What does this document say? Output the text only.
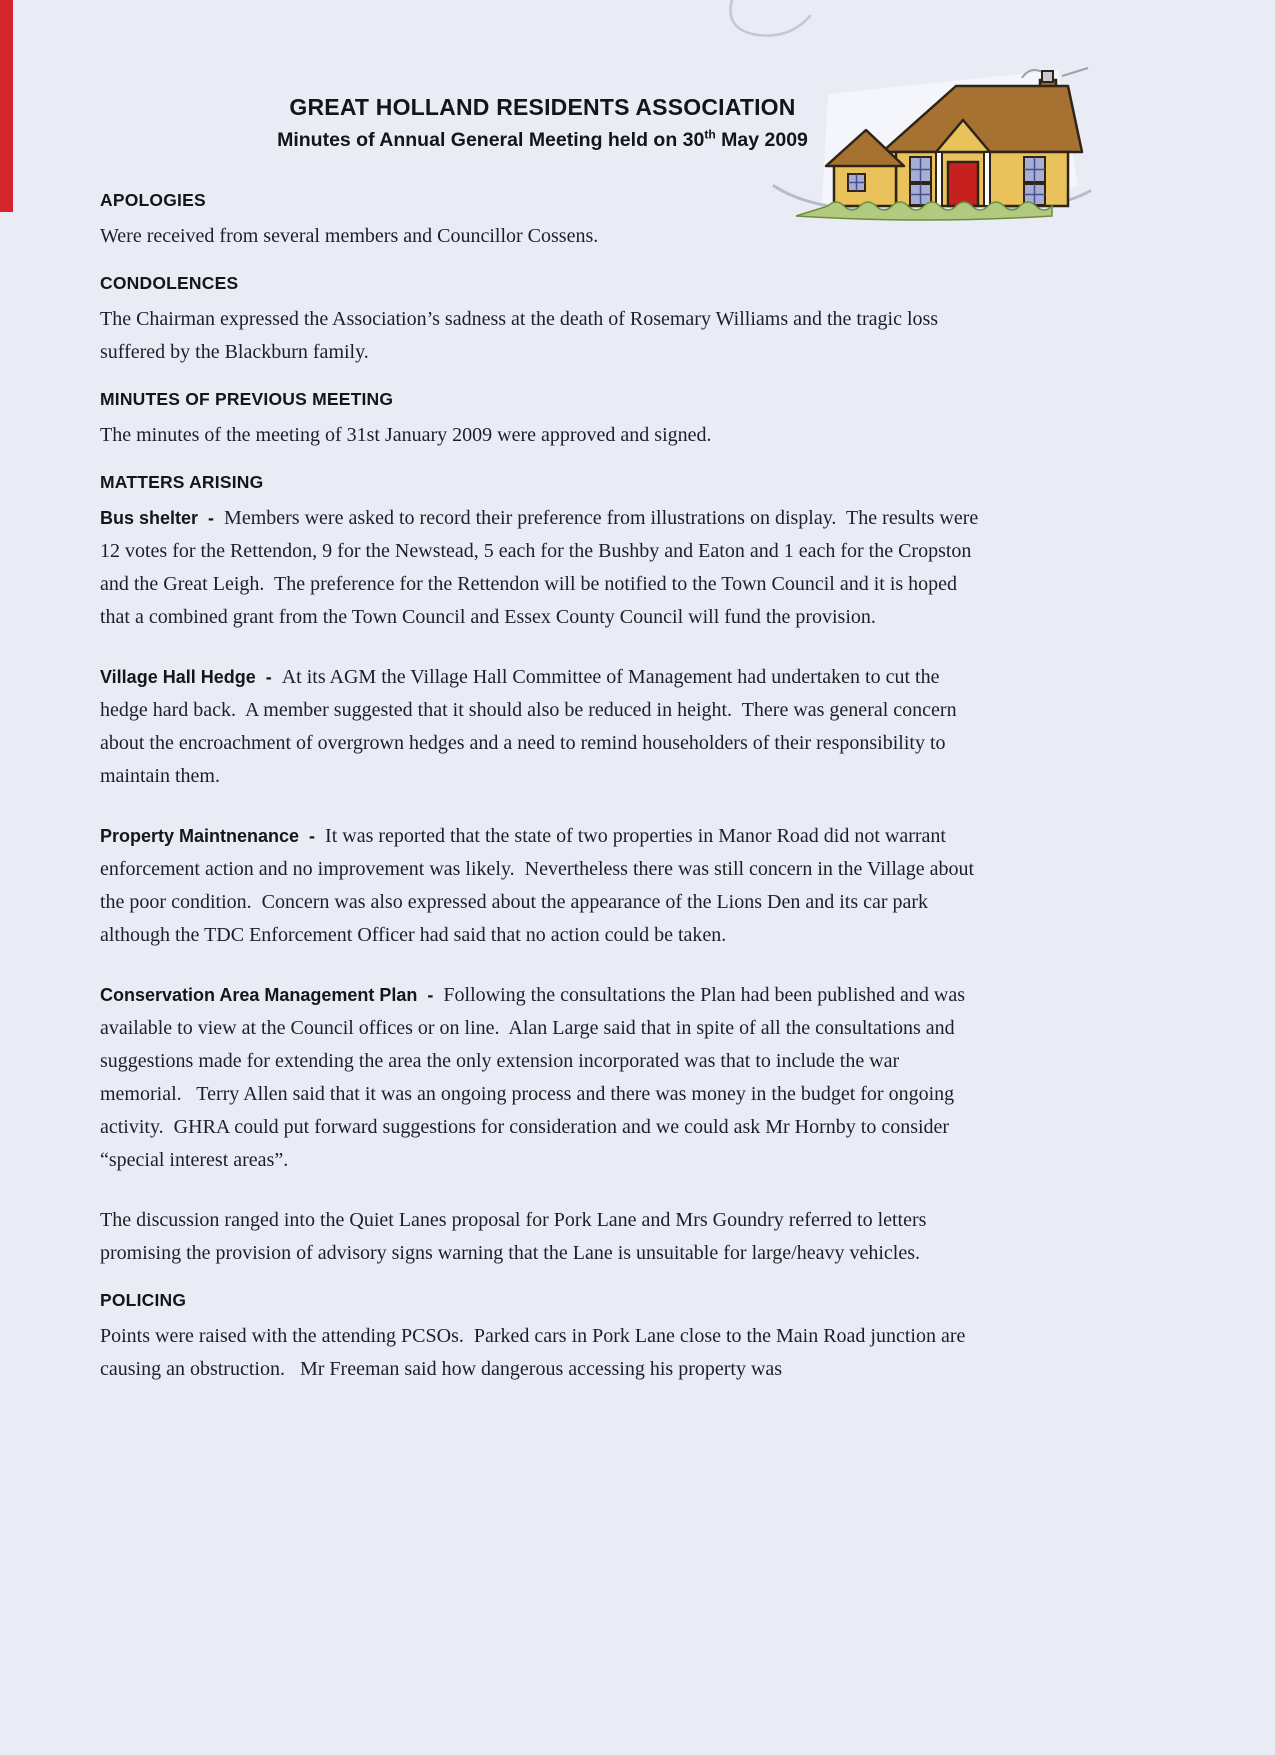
GREAT HOLLAND RESIDENTS ASSOCIATION
Minutes of Annual General Meeting held on 30th May 2009
APOLOGIES

Were received from several members and Councillor Cossens.

CONDOLENCES

The Chairman expressed the Association’s sadness at the death of Rosemary Williams and the tragic loss suffered by the Blackburn family.

MINUTES OF PREVIOUS MEETING

The minutes of the meeting of 31st January 2009 were approved and signed.

MATTERS ARISING

Bus shelter  -  Members were asked to record their preference from illustrations on display.  The results were 12 votes for the Rettendon, 9 for the Newstead, 5 each for the Bushby and Eaton and 1 each for the Cropston and the Great Leigh.  The preference for the Rettendon will be notified to the Town Council and it is hoped that a combined grant from the Town Council and Essex County Council will fund the provision.

Village Hall Hedge  -  At its AGM the Village Hall Committee of Management had undertaken to cut the hedge hard back.  A member suggested that it should also be reduced in height.  There was general concern about the encroachment of overgrown hedges and a need to remind householders of their responsibility to maintain them.

Property Maintnenance  -  It was reported that the state of two properties in Manor Road did not warrant enforcement action and no improvement was likely.  Nevertheless there was still concern in the Village about the poor condition.  Concern was also expressed about the appearance of the Lions Den and its car park although the TDC Enforcement Officer had said that no action could be taken.

Conservation Area Management Plan  -  Following the consultations the Plan had been published and was available to view at the Council offices or on line.  Alan Large said that in spite of all the consultations and suggestions made for extending the area the only extension incorporated was that to include the war memorial.   Terry Allen said that it was an ongoing process and there was money in the budget for ongoing activity.  GHRA could put forward suggestions for consideration and we could ask Mr Hornby to consider “special interest areas”.

The discussion ranged into the Quiet Lanes proposal for Pork Lane and Mrs Goundry referred to letters promising the provision of advisory signs warning that the Lane is unsuitable for large/heavy vehicles.

POLICING

Points were raised with the attending PCSOs.  Parked cars in Pork Lane close to the Main Road junction are causing an obstruction.   Mr Freeman said how dangerous accessing his property was
